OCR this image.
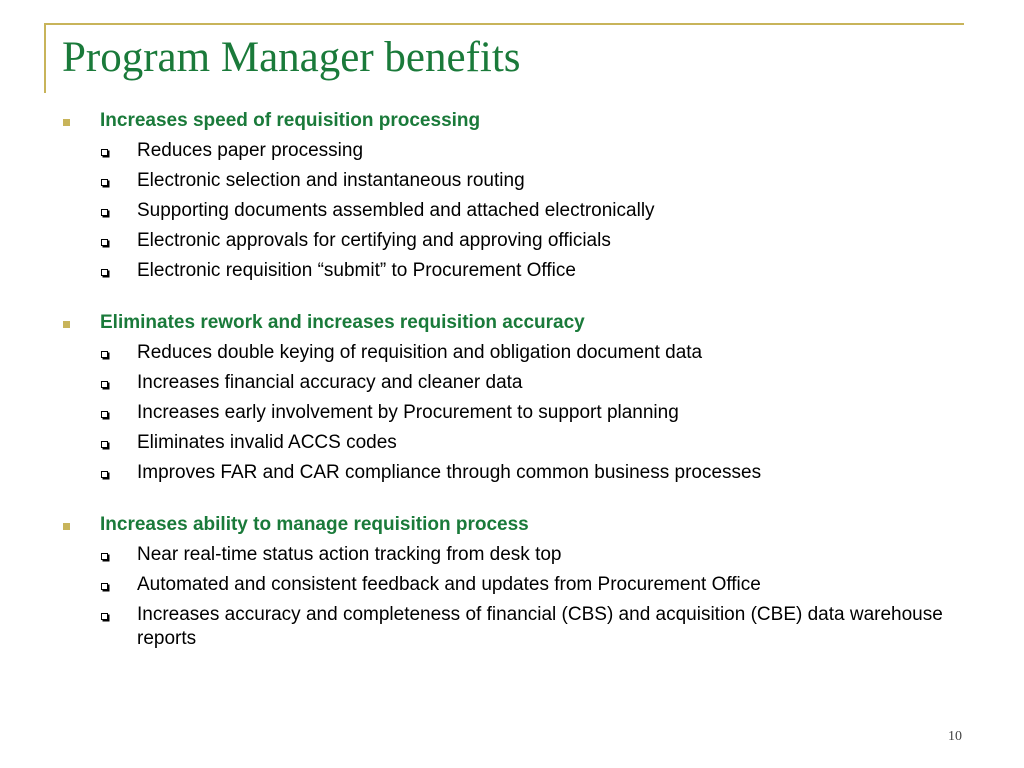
Program Manager benefits
Increases speed of requisition processing
Reduces paper processing
Electronic selection and instantaneous routing
Supporting documents assembled and attached electronically
Electronic approvals for certifying and approving officials
Electronic requisition “submit” to Procurement Office
Eliminates rework and increases requisition accuracy
Reduces double keying of requisition and obligation document data
Increases financial accuracy and cleaner data
Increases early involvement by Procurement to support planning
Eliminates invalid ACCS codes
Improves FAR and CAR compliance through common business processes
Increases ability to manage requisition process
Near real-time status action tracking from desk top
Automated and consistent feedback and updates from Procurement Office
Increases accuracy and completeness of financial (CBS) and acquisition (CBE) data warehouse reports
10
